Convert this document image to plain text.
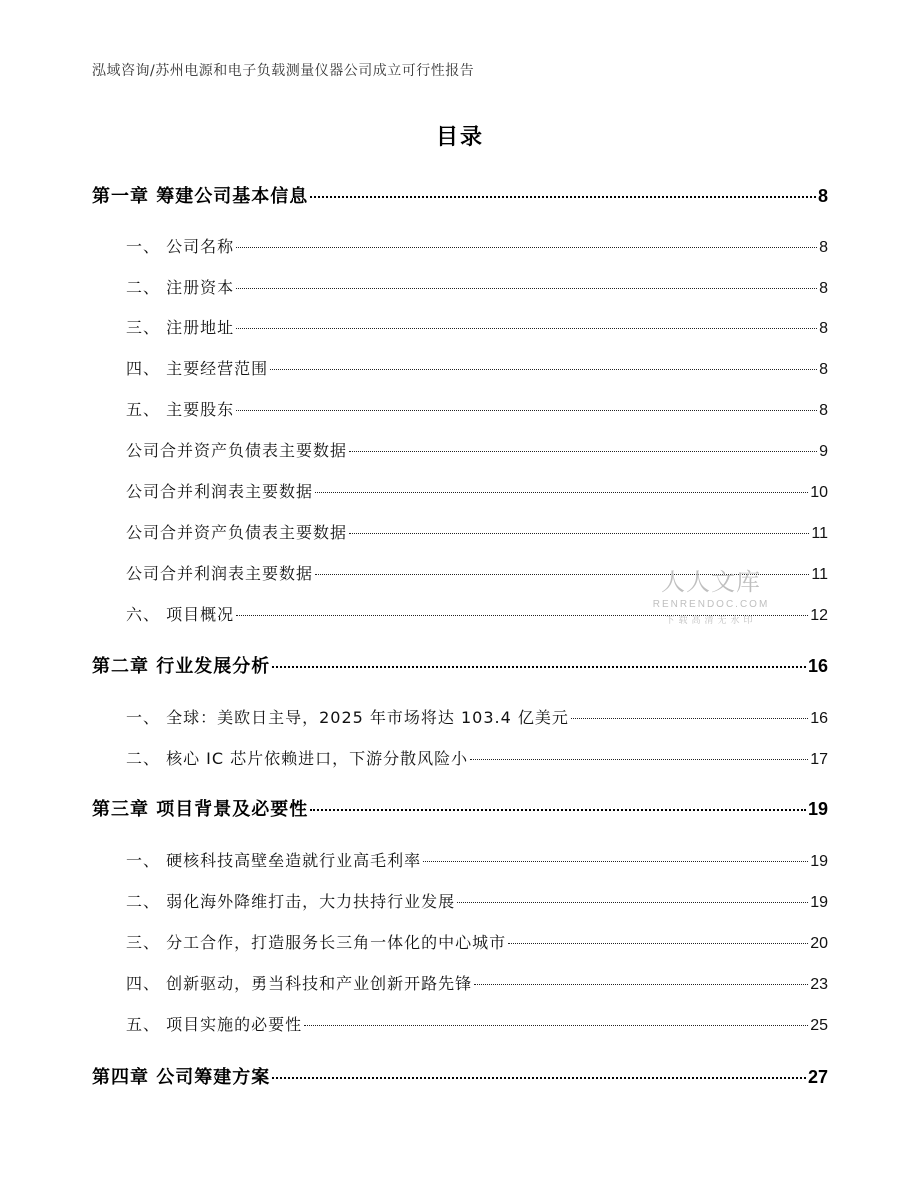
泓域咨询/苏州电源和电子负载测量仪器公司成立可行性报告
目录
第一章 筹建公司基本信息	8
一、 公司名称	8
二、 注册资本	8
三、 注册地址	8
四、 主要经营范围	8
五、 主要股东	8
公司合并资产负债表主要数据	9
公司合并利润表主要数据	10
公司合并资产负债表主要数据	11
公司合并利润表主要数据	11
六、 项目概况	12
第二章 行业发展分析	16
一、 全球：美欧日主导，2025 年市场将达 103.4 亿美元	16
二、 核心 IC 芯片依赖进口，下游分散风险小	17
第三章 项目背景及必要性	19
一、 硬核科技高壁垒造就行业高毛利率	19
二、 弱化海外降维打击，大力扶持行业发展	19
三、 分工合作，打造服务长三角一体化的中心城市	20
四、 创新驱动，勇当科技和产业创新开路先锋	23
五、 项目实施的必要性	25
第四章 公司筹建方案	27
人人文库
RENRENDOC.COM
下载高清无水印
